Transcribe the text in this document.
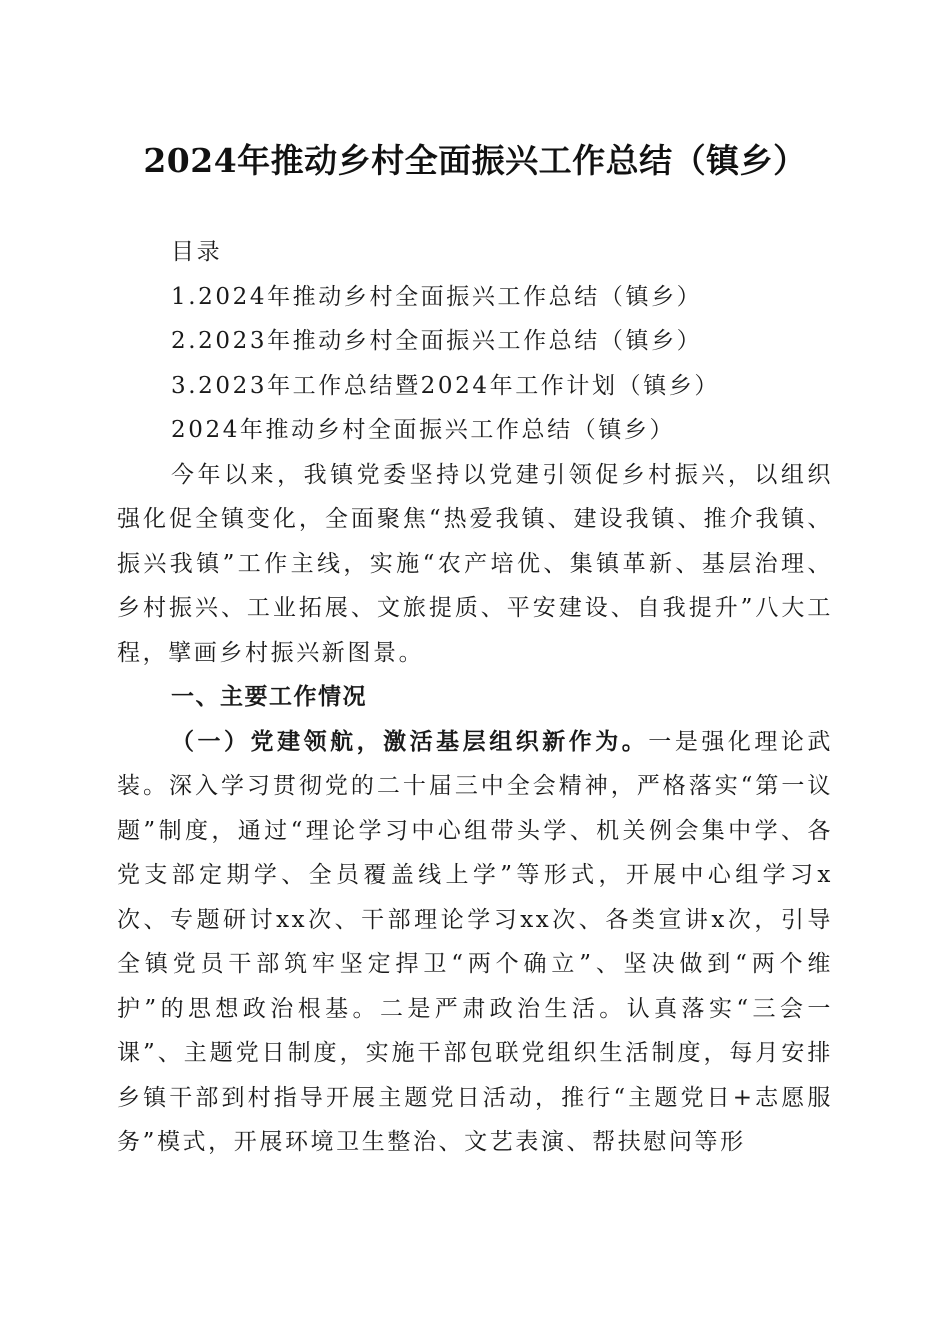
2024年推动乡村全面振兴工作总结（镇乡）

目录

1.2024年推动乡村全面振兴工作总结（镇乡）

2.2023年推动乡村全面振兴工作总结（镇乡）

3.2023年工作总结暨2024年工作计划（镇乡）

2024年推动乡村全面振兴工作总结（镇乡）

今年以来，我镇党委坚持以党建引领促乡村振兴，以组织强化促全镇变化，全面聚焦“热爱我镇、建设我镇、推介我镇、振兴我镇”工作主线，实施“农产培优、集镇革新、基层治理、乡村振兴、工业拓展、文旅提质、平安建设、自我提升”八大工程，擘画乡村振兴新图景。

一、主要工作情况

（一）党建领航，激活基层组织新作为。一是强化理论武装。深入学习贯彻党的二十届三中全会精神，严格落实“第一议题”制度，通过“理论学习中心组带头学、机关例会集中学、各党支部定期学、全员覆盖线上学”等形式，开展中心组学习x次、专题研讨xx次、干部理论学习xx次、各类宣讲x次，引导全镇党员干部筑牢坚定捍卫“两个确立”、坚决做到“两个维护”的思想政治根基。二是严肃政治生活。认真落实“三会一课”、主题党日制度，实施干部包联党组织生活制度，每月安排乡镇干部到村指导开展主题党日活动，推行“主题党日+志愿服务”模式，开展环境卫生整治、文艺表演、帮扶慰问等形
